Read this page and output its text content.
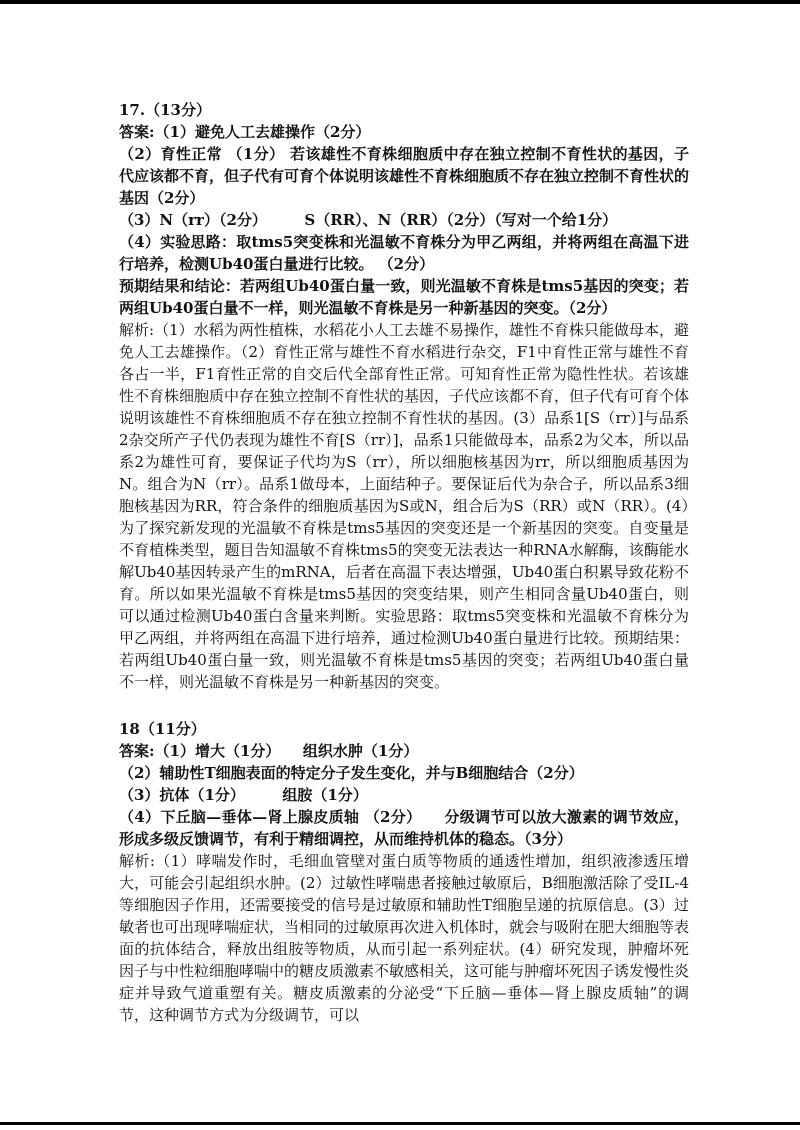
17.（13分）

答案:（1）避免人工去雄操作（2分）

（2）育性正常 （1分） 若该雄性不育株细胞质中存在独立控制不育性状的基因，子代应该都不育，但子代有可育个体说明该雄性不育株细胞质不存在独立控制不育性状的基因（2分）

（3）N（rr）（2分）　　　S（RR）、N（RR）（2分）（写对一个给1分）

（4）实验思路：取tms5突变株和光温敏不育株分为甲乙两组，并将两组在高温下进行培养，检测Ub40蛋白量进行比较。 （2分）

预期结果和结论：若两组Ub40蛋白量一致，则光温敏不育株是tms5基因的突变；若两组Ub40蛋白量不一样，则光温敏不育株是另一种新基因的突变。（2分）

解析:（1）水稻为两性植株，水稻花小人工去雄不易操作，雄性不育株只能做母本，避免人工去雄操作。（2）育性正常与雄性不育水稻进行杂交，F1中育性正常与雄性不育各占一半，F1育性正常的自交后代全部育性正常。可知育性正常为隐性性状。若该雄性不育株细胞质中存在独立控制不育性状的基因，子代应该都不育，但子代有可育个体说明该雄性不育株细胞质不存在独立控制不育性状的基因。(3）品系1[S（rr）]与品系2杂交所产子代仍表现为雄性不育[S（rr）]，品系1只能做母本，品系2为父本，所以品系2为雄性可育，要保证子代均为S（rr），所以细胞核基因为rr，所以细胞质基因为N。组合为N（rr）。品系1做母本，上面结种子。要保证后代为杂合子，所以品系3细胞核基因为RR，符合条件的细胞质基因为S或N，组合后为S（RR）或N（RR）。(4）为了探究新发现的光温敏不育株是tms5基因的突变还是一个新基因的突变。自变量是不育植株类型，题目告知温敏不育株tms5的突变无法表达一种RNA水解酶，该酶能水解Ub40基因转录产生的mRNA，后者在高温下表达增强，Ub40蛋白积累导致花粉不育。所以如果光温敏不育株是tms5基因的突变结果，则产生相同含量Ub40蛋白，则可以通过检测Ub40蛋白含量来判断。实验思路：取tms5突变株和光温敏不育株分为甲乙两组，并将两组在高温下进行培养，通过检测Ub40蛋白量进行比较。预期结果：若两组Ub40蛋白量一致，则光温敏不育株是tms5基因的突变；若两组Ub40蛋白量不一样，则光温敏不育株是另一种新基因的突变。

18（11分）

答案:（1）增大（1分）　　组织水肿（1分）

（2）辅助性T细胞表面的特定分子发生变化，并与B细胞结合（2分）

（3）抗体（1分）　　　组胺（1分）

（4）下丘脑—垂体—肾上腺皮质轴 （2分）　　分级调节可以放大激素的调节效应，形成多级反馈调节，有利于精细调控，从而维持机体的稳态。（3分）

解析:（1）哮喘发作时，毛细血管壁对蛋白质等物质的通透性增加，组织液渗透压增大，可能会引起组织水肿。(2）过敏性哮喘患者接触过敏原后，B细胞激活除了受IL-4等细胞因子作用，还需要接受的信号是过敏原和辅助性T细胞呈递的抗原信息。(3）过敏者也可出现哮喘症状，当相同的过敏原再次进入机体时，就会与吸附在肥大细胞等表面的抗体结合，释放出组胺等物质，从而引起一系列症状。(4）研究发现，肿瘤坏死因子与中性粒细胞哮喘中的糖皮质激素不敏感相关，这可能与肿瘤坏死因子诱发慢性炎症并导致气道重塑有关。糖皮质激素的分泌受“下丘脑—垂体—肾上腺皮质轴”的调节，这种调节方式为分级调节，可以
